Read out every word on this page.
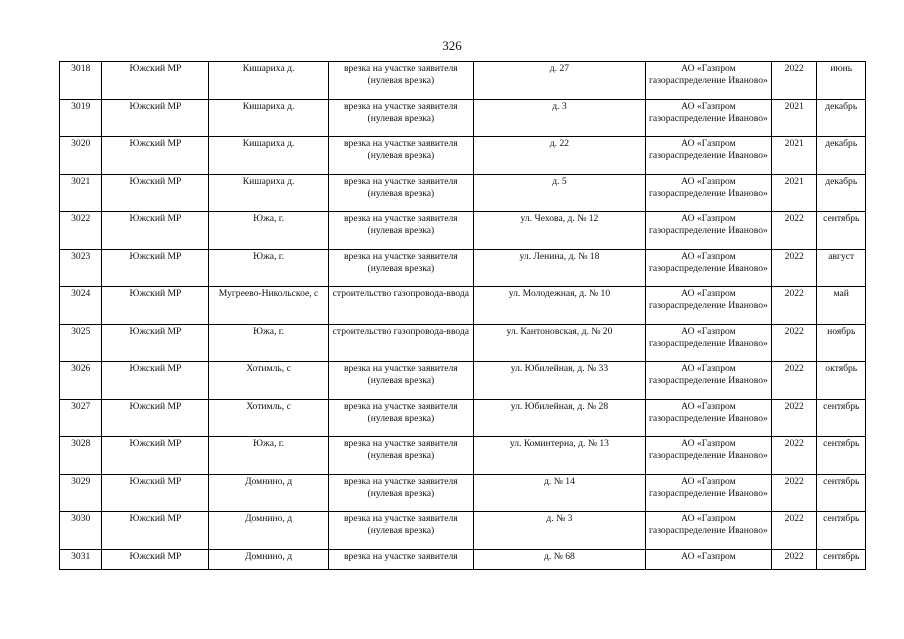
326
3018	Южский МР	Кишариха д.	врезка на участке заявителя (нулевая врезка)	д. 27	АО «Газпром газораспределение Иваново»	2022	июнь
3019	Южский МР	Кишариха д.	врезка на участке заявителя (нулевая врезка)	д. 3	АО «Газпром газораспределение Иваново»	2021	декабрь
3020	Южский МР	Кишариха д.	врезка на участке заявителя (нулевая врезка)	д. 22	АО «Газпром газораспределение Иваново»	2021	декабрь
3021	Южский МР	Кишариха д.	врезка на участке заявителя (нулевая врезка)	д. 5	АО «Газпром газораспределение Иваново»	2021	декабрь
3022	Южский МР	Южа, г.	врезка на участке заявителя (нулевая врезка)	ул. Чехова, д. № 12	АО «Газпром газораспределение Иваново»	2022	сентябрь
3023	Южский МР	Южа, г.	врезка на участке заявителя (нулевая врезка)	ул. Ленина, д. № 18	АО «Газпром газораспределение Иваново»	2022	август
3024	Южский МР	Мугреево-Никольское, с	строительство газопровода-ввода	ул. Молодежная, д. № 10	АО «Газпром газораспределение Иваново»	2022	май
3025	Южский МР	Южа, г.	строительство газопровода-ввода	ул. Кантоновская, д. № 20	АО «Газпром газораспределение Иваново»	2022	ноябрь
3026	Южский МР	Хотимль, с	врезка на участке заявителя (нулевая врезка)	ул. Юбилейная, д. № 33	АО «Газпром газораспределение Иваново»	2022	октябрь
3027	Южский МР	Хотимль, с	врезка на участке заявителя (нулевая врезка)	ул. Юбилейная, д. № 28	АО «Газпром газораспределение Иваново»	2022	сентябрь
3028	Южский МР	Южа, г.	врезка на участке заявителя (нулевая врезка)	ул. Коминтерна, д. № 13	АО «Газпром газораспределение Иваново»	2022	сентябрь
3029	Южский МР	Домнино, д	врезка на участке заявителя (нулевая врезка)	д. № 14	АО «Газпром газораспределение Иваново»	2022	сентябрь
3030	Южский МР	Домнино, д	врезка на участке заявителя (нулевая врезка)	д. № 3	АО «Газпром газораспределение Иваново»	2022	сентябрь
3031	Южский МР	Домнино, д	врезка на участке заявителя	д. № 68	АО «Газпром	2022	сентябрь
